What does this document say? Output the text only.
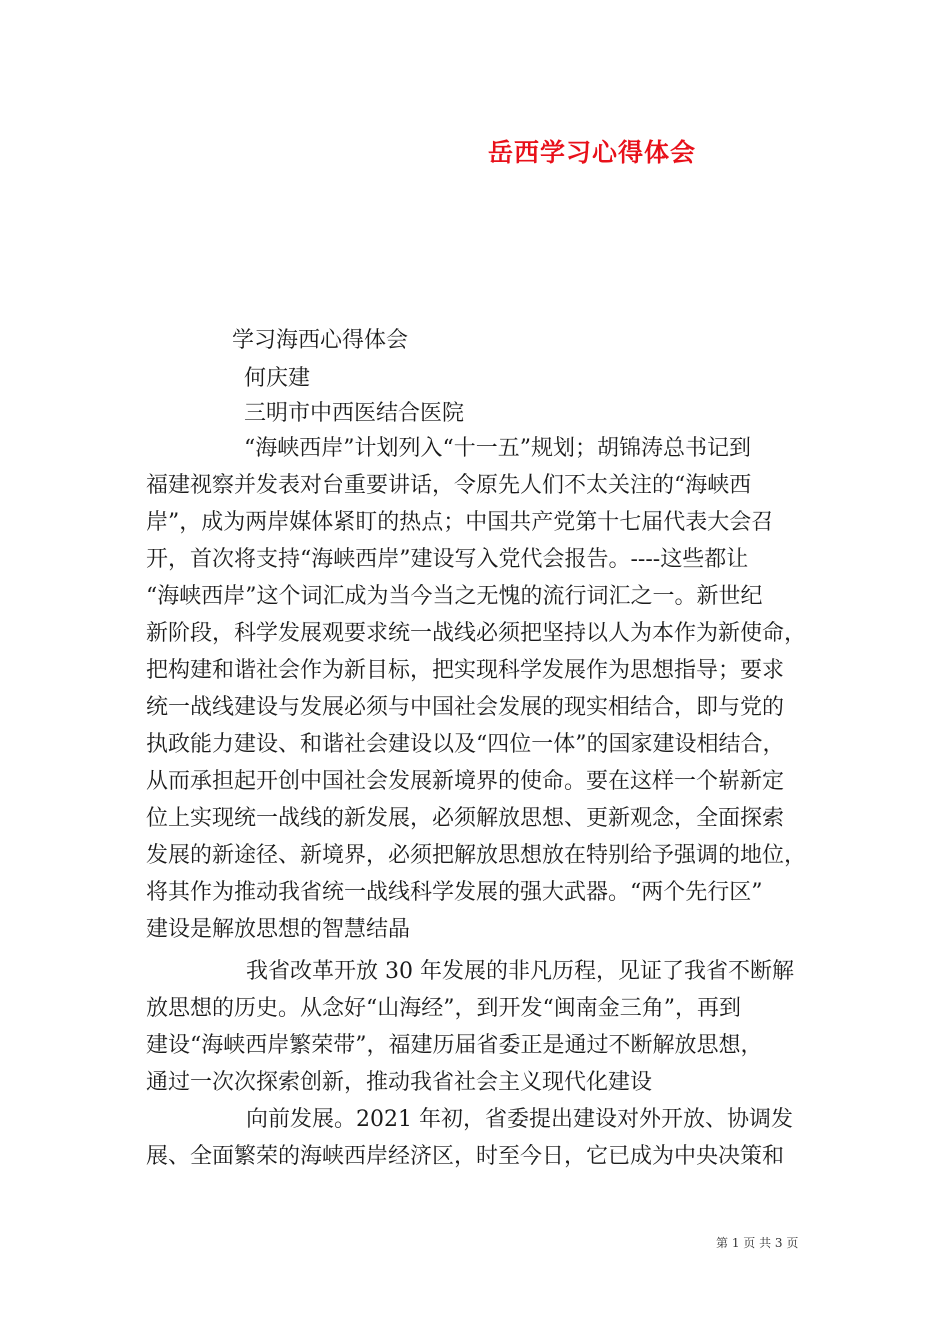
岳西学习心得体会
学习海西心得体会
何庆建
三明市中西医结合医院
“海峡西岸”计划列入“十一五”规划；胡锦涛总书记到
福建视察并发表对台重要讲话，令原先人们不太关注的“海峡西
岸”，成为两岸媒体紧盯的热点；中国共产党第十七届代表大会召
开，首次将支持“海峡西岸”建设写入党代会报告。----这些都让
“海峡西岸”这个词汇成为当今当之无愧的流行词汇之一。新世纪
新阶段，科学发展观要求统一战线必须把坚持以人为本作为新使命，
把构建和谐社会作为新目标，把实现科学发展作为思想指导；要求
统一战线建设与发展必须与中国社会发展的现实相结合，即与党的
执政能力建设、和谐社会建设以及“四位一体”的国家建设相结合，
从而承担起开创中国社会发展新境界的使命。要在这样一个崭新定
位上实现统一战线的新发展，必须解放思想、更新观念，全面探索
发展的新途径、新境界，必须把解放思想放在特别给予强调的地位，
将其作为推动我省统一战线科学发展的强大武器。“两个先行区”
建设是解放思想的智慧结晶
我省改革开放 30 年发展的非凡历程，见证了我省不断解
放思想的历史。从念好“山海经”，到开发“闽南金三角”，再到
建设“海峡西岸繁荣带”，福建历届省委正是通过不断解放思想，
通过一次次探索创新，推动我省社会主义现代化建设
向前发展。2021 年初，省委提出建设对外开放、协调发
展、全面繁荣的海峡西岸经济区，时至今日，它已成为中央决策和
第 1 页 共 3 页
